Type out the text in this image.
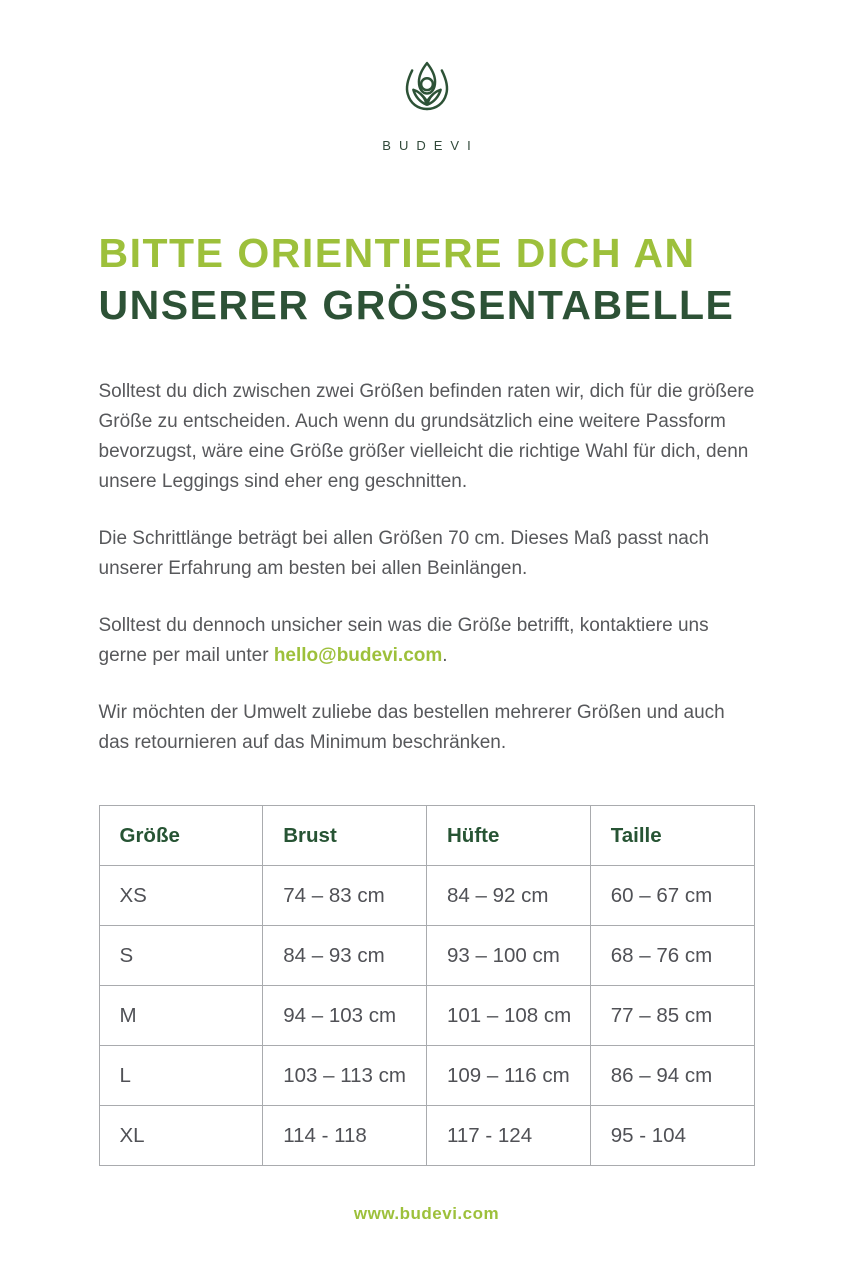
BUDEVI
BITTE ORIENTIERE DICH AN
UNSERER GRÖSSENTABELLE

Solltest du dich zwischen zwei Größen befinden raten wir, dich für die größere Größe zu entscheiden. Auch wenn du grundsätzlich eine weitere Passform bevorzugst, wäre eine Größe größer vielleicht die richtige Wahl für dich, denn unsere Leggings sind eher eng geschnitten.

Die Schrittlänge beträgt bei allen Größen 70 cm. Dieses Maß passt nach unserer Erfahrung am besten bei allen Beinlängen.

Solltest du dennoch unsicher sein was die Größe betrifft, kontaktiere uns gerne per mail unter hello@budevi.com.

Wir möchten der Umwelt zuliebe das bestellen mehrerer Größen und auch das retournieren auf das Minimum beschränken.

Größe	Brust	Hüfte	Taille
XS	74 – 83 cm	84 – 92 cm	60 – 67 cm
S	84 – 93 cm	93 – 100 cm	68 – 76 cm
M	94 – 103 cm	101 – 108 cm	77 – 85 cm
L	103 – 113 cm	109 – 116 cm	86 – 94 cm
XL	114 - 118	117 - 124	95 - 104
www.budevi.com
